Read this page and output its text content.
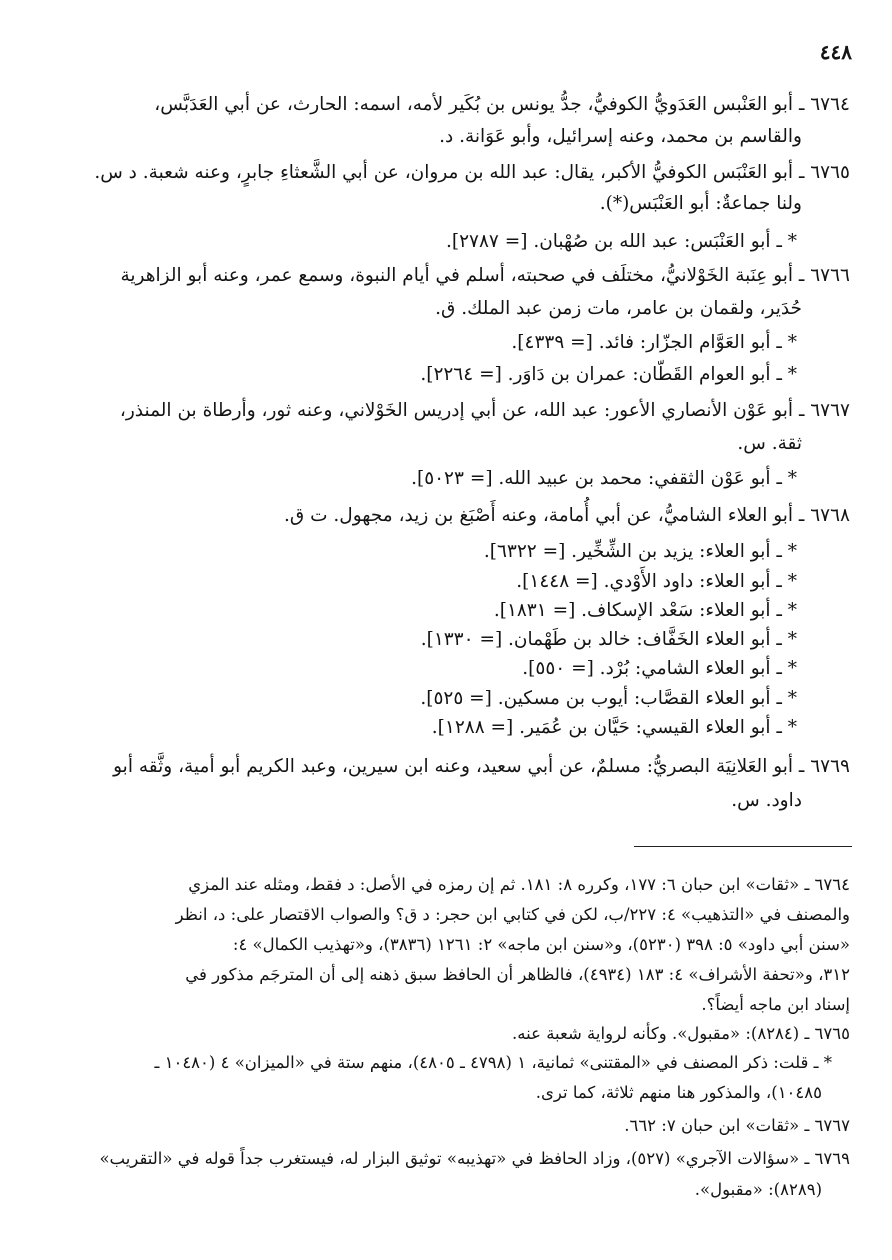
٤٤٨
٦٧٦٤ ـ أبو العَنْبس العَدَويُّ الكوفيُّ، جدُّ يونس بن بُكَير لأمه، اسمه: الحارث، عن أبي العَدَبَّس،
والقاسم بن محمد، وعنه إسرائيل، وأبو عَوَانة. د.
٦٧٦٥ ـ أبو العَنْبَس الكوفيُّ الأكبر، يقال: عبد الله بن مروان، عن أبي الشَّعثاءِ جابرٍ، وعنه شعبة. د س.
ولنا جماعةٌ: أبو العَنْبَس(*).
* ـ أبو العَنْبَس: عبد الله بن صُهْبان. [= ٢٧٨٧].
٦٧٦٦ ـ أبو عِنَبة الخَوْلانيُّ، مختلَف في صحبته، أسلم في أيام النبوة، وسمع عمر، وعنه أبو الزاهرية
حُدَير، ولقمان بن عامر، مات زمن عبد الملك. ق.
* ـ أبو العَوَّام الجزّار: فائد. [= ٤٣٣٩].
* ـ أبو العوام القَطّان: عمران بن دَاوَر. [= ٢٢٦٤].
٦٧٦٧ ـ أبو عَوْن الأنصاري الأعور: عبد الله، عن أبي إدريس الخَوْلاني، وعنه ثور، وأرطاة بن المنذر،
ثقة. س.
* ـ أبو عَوْن الثقفي: محمد بن عبيد الله. [= ٥٠٢٣].
٦٧٦٨ ـ أبو العلاء الشاميُّ، عن أبي أُمامة، وعنه أَصْبَغ بن زيد، مجهول. ت ق.
* ـ أبو العلاء: يزيد بن الشِّخِّير. [= ٦٣٢٢].
* ـ أبو العلاء: داود الأَوْدي. [= ١٤٤٨].
* ـ أبو العلاء: سَعْد الإسكاف. [= ١٨٣١].
* ـ أبو العلاء الخَفَّاف: خالد بن طَهْمان. [= ١٣٣٠].
* ـ أبو العلاء الشامي: بُرْد. [= ٥٥٠].
* ـ أبو العلاء القصَّاب: أيوب بن مسكين. [= ٥٢٥].
* ـ أبو العلاء القيسي: حَيَّان بن عُمَير. [= ١٢٨٨].
٦٧٦٩ ـ أبو العَلانِيَة البصريُّ: مسلمٌ، عن أبي سعيد، وعنه ابن سيرين، وعبد الكريم أبو أمية، وثَّقه أبو
داود. س.
٦٧٦٤ ـ «ثقات» ابن حبان ٦: ١٧٧، وكرره ٨: ١٨١. ثم إن رمزه في الأصل: د فقط، ومثله عند المزي
والمصنف في «التذهيب» ٤: ٢٢٧/ب، لكن في كتابي ابن حجر: د ق؟ والصواب الاقتصار على: د، انظر
«سنن أبي داود» ٥: ٣٩٨ (٥٢٣٠)، و«سنن ابن ماجه» ٢: ١٢٦١ (٣٨٣٦)، و«تهذيب الكمال» ٤:
٣١٢، و«تحفة الأشراف» ٤: ١٨٣ (٤٩٣٤)، فالظاهر أن الحافظ سبق ذهنه إلى أن المترجَم مذكور في
إسناد ابن ماجه أيضاً؟.
٦٧٦٥ ـ (٨٢٨٤): «مقبول». وكأنه لرواية شعبة عنه.
* ـ قلت: ذكر المصنف في «المقتنى» ثمانية، ١ (٤٧٩٨ ـ ٤٨٠٥)، منهم ستة في «الميزان» ٤ (١٠٤٨٠ ـ
١٠٤٨٥)، والمذكور هنا منهم ثلاثة، كما ترى.
٦٧٦٧ ـ «ثقات» ابن حبان ٧: ٦٦٢.
٦٧٦٩ ـ «سؤالات الآجري» (٥٢٧)، وزاد الحافظ في «تهذيبه» توثيق البزار له، فيستغرب جداً قوله في «التقريب»
(٨٢٨٩): «مقبول».
